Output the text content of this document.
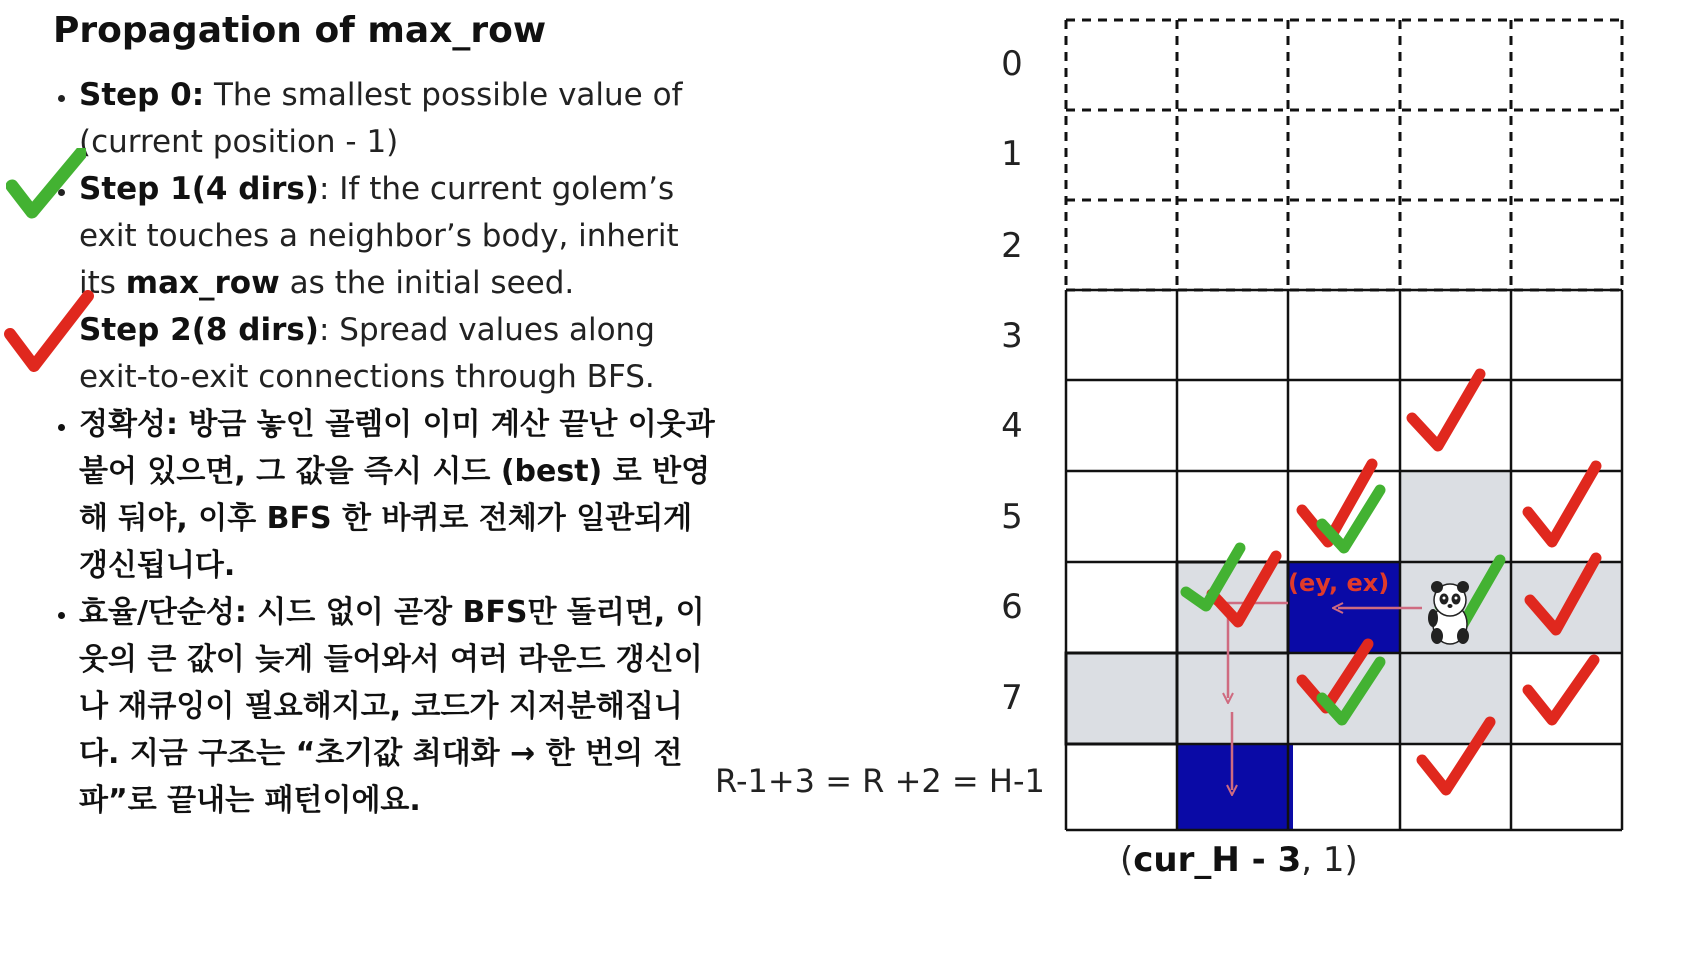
Propagation of max_row
• Step 0: The smallest possible value of (current position - 1)
• Step 1(4 dirs): If the current golem’s exit touches a neighbor’s body, inherit its max_row as the initial seed.
• Step 2(8 dirs): Spread values along exit-to-exit connections through BFS.
• 정확성: 방금 놓인 골렘이 이미 계산 끝난 이웃과 붙어 있으면, 그 값을 즉시 시드 (best) 로 반영해 둬야, 이후 BFS 한 바퀴로 전체가 일관되게 갱신됩니다.
• 효율/단순성: 시드 없이 곧장 BFS만 돌리면, 이웃의 큰 값이 늦게 들어와서 여러 라운드 갱신이나 재큐잉이 필요해지고, 코드가 지저분해집니다. 지금 구조는 “초기값 최대화 → 한 번의 전파”로 끝내는 패턴이에요.
0
1
2
3
4
5
6
7
R-1+3 = R +2 = H-1
(cur_H - 3, 1)
(ey, ex)
